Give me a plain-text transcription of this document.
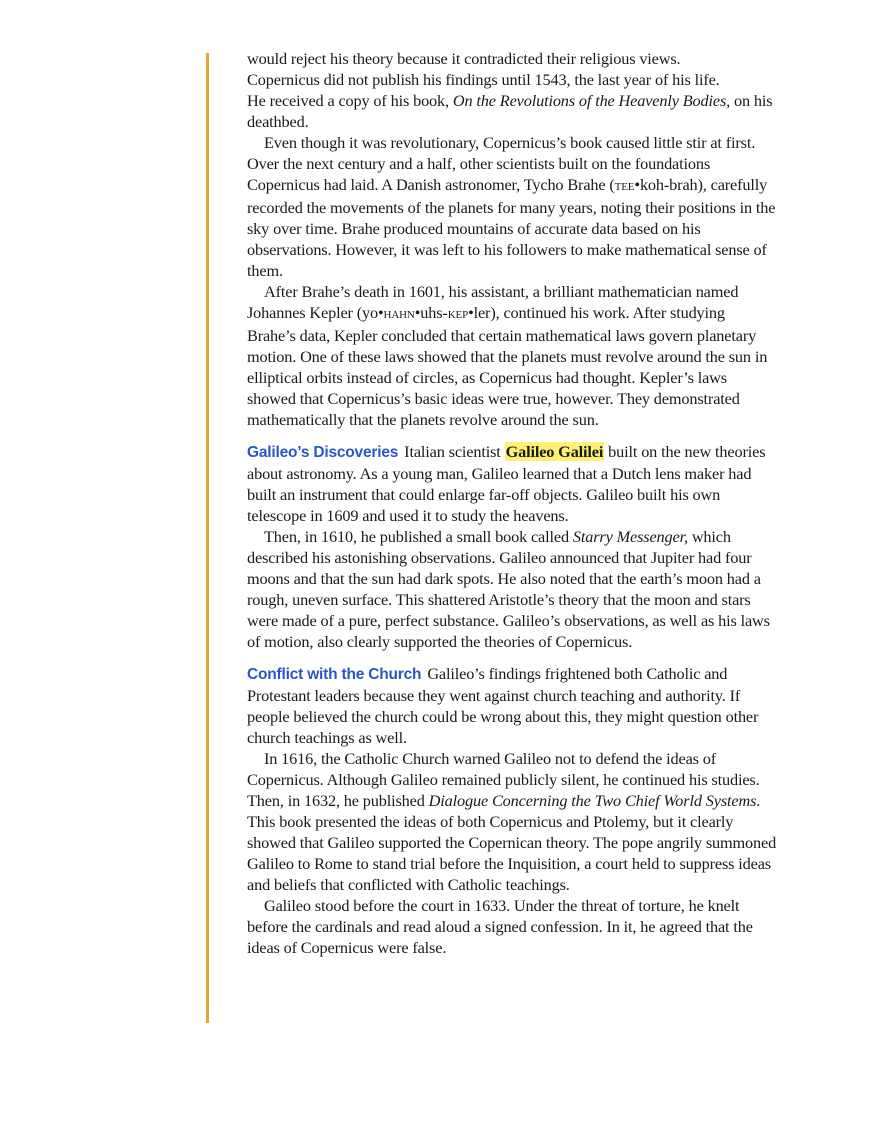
would reject his theory because it contradicted their religious views.
Copernicus did not publish his findings until 1543, the last year of his life.
He received a copy of his book, On the Revolutions of the Heavenly Bodies, on his deathbed.

Even though it was revolutionary, Copernicus’s book caused little stir at first. Over the next century and a half, other scientists built on the foundations Copernicus had laid. A Danish astronomer, Tycho Brahe (tee•koh-brah), carefully recorded the movements of the planets for many years, noting their positions in the sky over time. Brahe produced mountains of accurate data based on his observations. However, it was left to his followers to make mathematical sense of them.

After Brahe’s death in 1601, his assistant, a brilliant mathematician named Johannes Kepler (yo•hahn•uhs-kep•ler), continued his work. After studying Brahe’s data, Kepler concluded that certain mathematical laws govern planetary motion. One of these laws showed that the planets must revolve around the sun in elliptical orbits instead of circles, as Copernicus had thought. Kepler’s laws showed that Copernicus’s basic ideas were true, however. They demonstrated mathematically that the planets revolve around the sun.

Galileo’s Discoveries Italian scientist Galileo Galilei built on the new theories about astronomy. As a young man, Galileo learned that a Dutch lens maker had built an instrument that could enlarge far-off objects. Galileo built his own telescope in 1609 and used it to study the heavens.

Then, in 1610, he published a small book called Starry Messenger, which described his astonishing observations. Galileo announced that Jupiter had four moons and that the sun had dark spots. He also noted that the earth’s moon had a rough, uneven surface. This shattered Aristotle’s theory that the moon and stars were made of a pure, perfect substance. Galileo’s observations, as well as his laws of motion, also clearly supported the theories of Copernicus.

Conflict with the Church Galileo’s findings frightened both Catholic and Protestant leaders because they went against church teaching and authority. If people believed the church could be wrong about this, they might question other church teachings as well.

In 1616, the Catholic Church warned Galileo not to defend the ideas of Copernicus. Although Galileo remained publicly silent, he continued his studies. Then, in 1632, he published Dialogue Concerning the Two Chief World Systems. This book presented the ideas of both Copernicus and Ptolemy, but it clearly showed that Galileo supported the Copernican theory. The pope angrily summoned Galileo to Rome to stand trial before the Inquisition, a court held to suppress ideas and beliefs that conflicted with Catholic teachings.

Galileo stood before the court in 1633. Under the threat of torture, he knelt before the cardinals and read aloud a signed confession. In it, he agreed that the ideas of Copernicus were false.
